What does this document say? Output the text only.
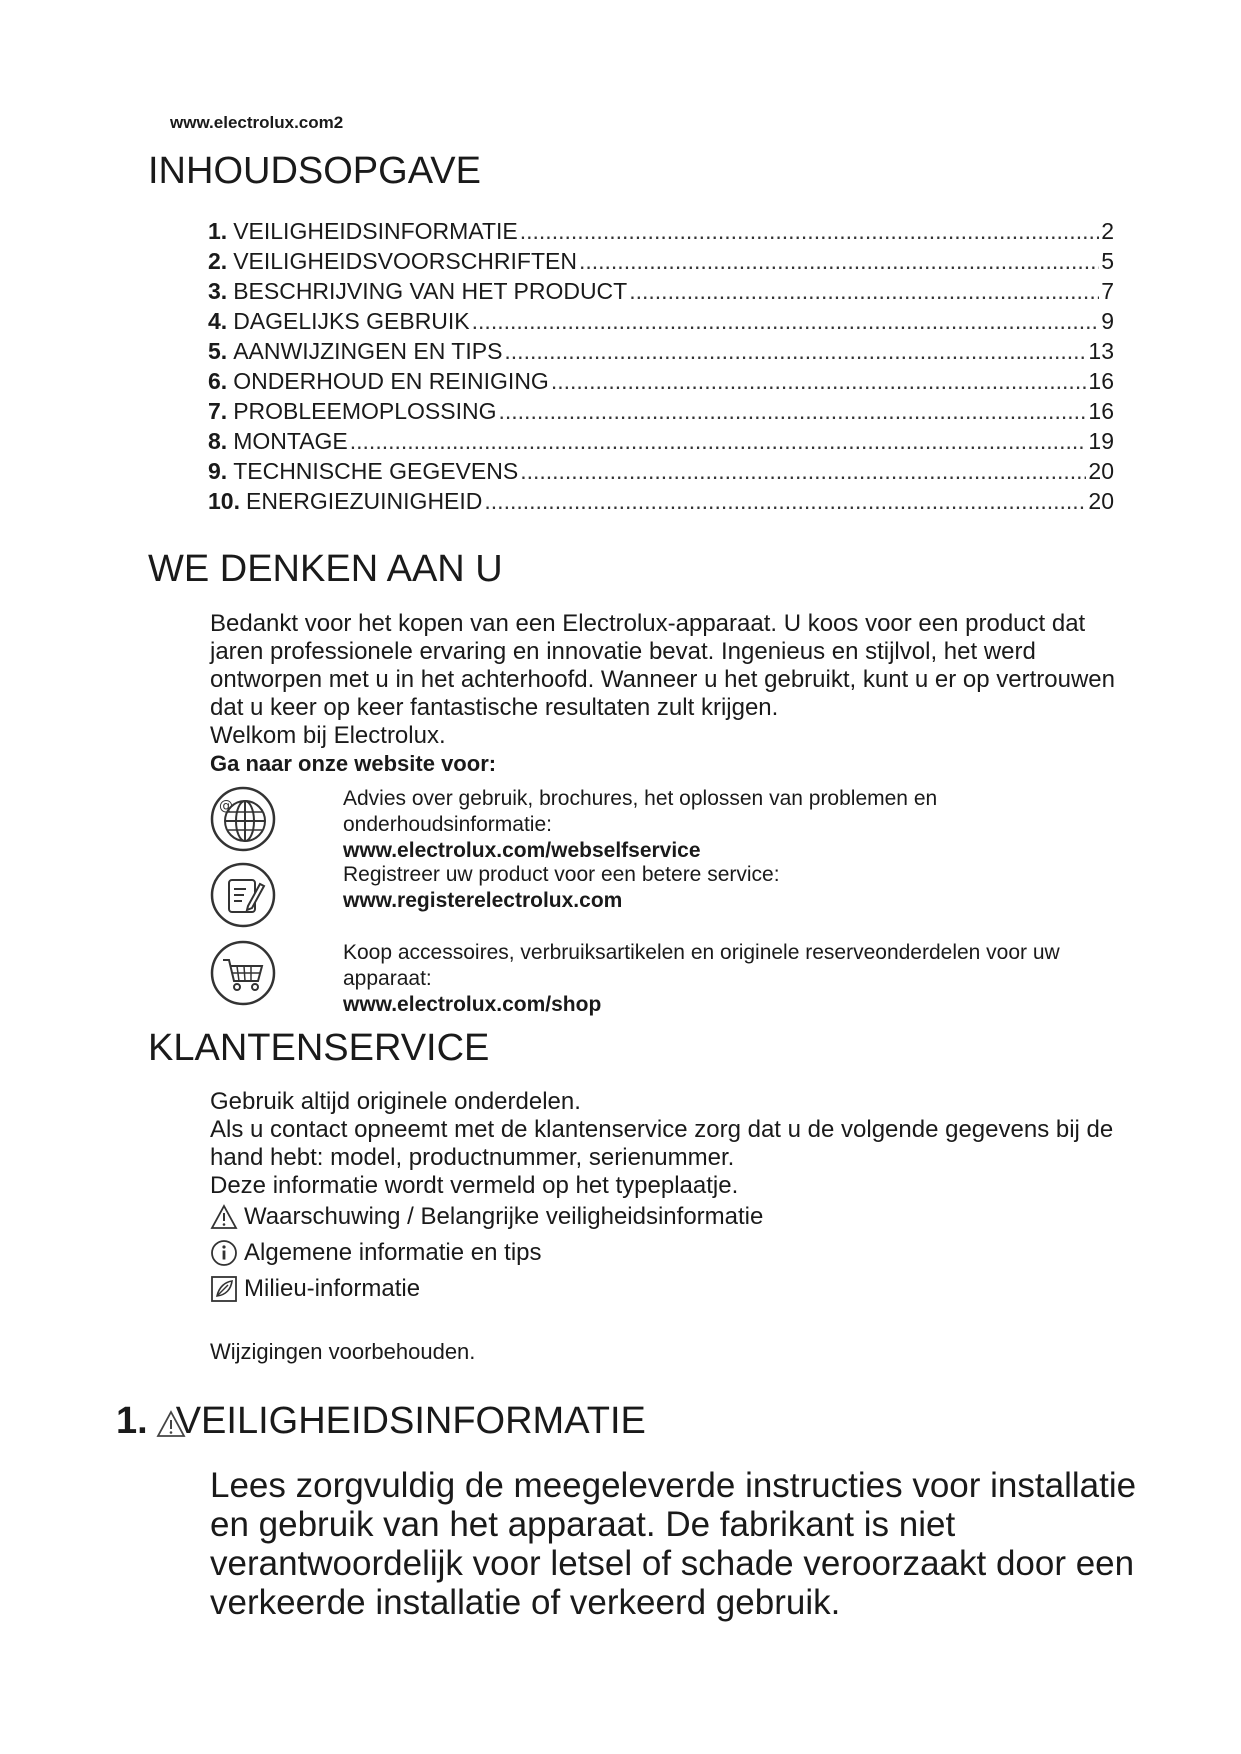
www.electrolux.com2
INHOUDSOPGAVE
1. VEILIGHEIDSINFORMATIE .....	2
2. VEILIGHEIDSVOORSCHRIFTEN .....	5
3. BESCHRIJVING VAN HET PRODUCT .....	7
4. DAGELIJKS GEBRUIK .....	9
5. AANWIJZINGEN EN TIPS .....	13
6. ONDERHOUD EN REINIGING .....	16
7. PROBLEEMOPLOSSING .....	16
8. MONTAGE .....	19
9. TECHNISCHE GEGEVENS .....	20
10. ENERGIEZUINIGHEID .....	20
WE DENKEN AAN U

Bedankt voor het kopen van een Electrolux-apparaat. U koos voor een product dat jaren professionele ervaring en innovatie bevat. Ingenieus en stijlvol, het werd ontworpen met u in het achterhoofd. Wanneer u het gebruikt, kunt u er op vertrouwen dat u keer op keer fantastische resultaten zult krijgen.

Welkom bij Electrolux.

Ga naar onze website voor:

@	Advies over gebruik, brochures, het oplossen van problemen en onderhoudsinformatie:
www.electrolux.com/webselfservice
Registreer uw product voor een betere service:
www.registerelectrolux.com
Koop accessoires, verbruiksartikelen en originele reserveonderdelen voor uw apparaat:
www.electrolux.com/shop
KLANTENSERVICE

Gebruik altijd originele onderdelen.

Als u contact opneemt met de klantenservice zorg dat u de volgende gegevens bij de hand hebt: model, productnummer, serienummer.

Deze informatie wordt vermeld op het typeplaatje.

Waarschuwing / Belangrijke veiligheidsinformatie
Algemene informatie en tips
Milieu-informatie
Wijzigingen voorbehouden.
1. VEILIGHEIDSINFORMATIE
Lees zorgvuldig de meegeleverde instructies voor installatie en gebruik van het apparaat. De fabrikant is niet verantwoordelijk voor letsel of schade veroorzaakt door een verkeerde installatie of verkeerd gebruik.
